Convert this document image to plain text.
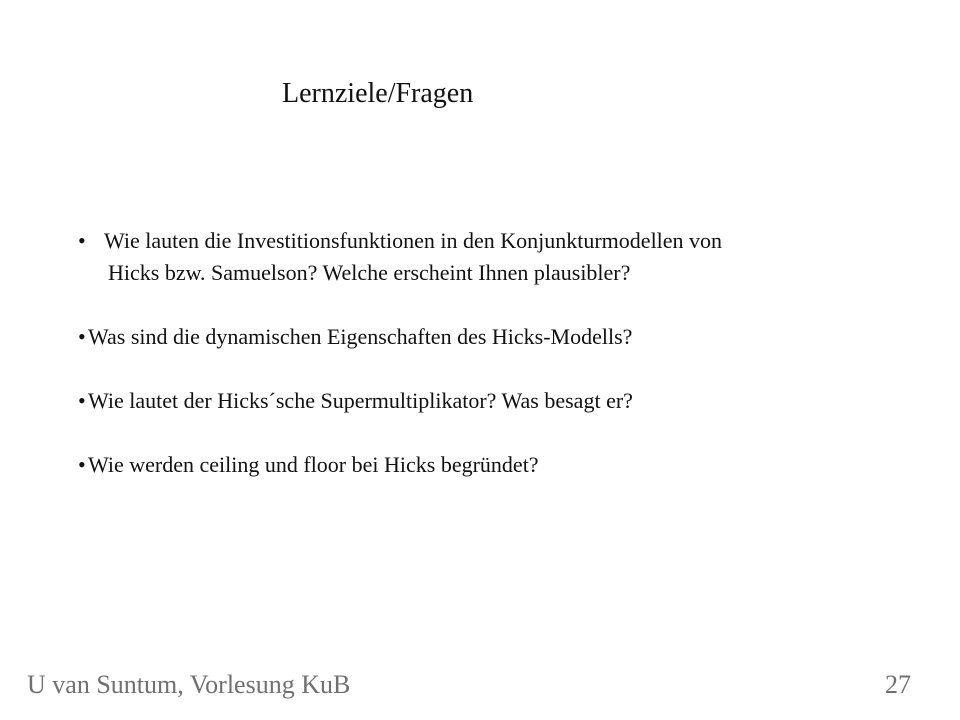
Lernziele/Fragen
• Wie lauten die Investitionsfunktionen in den Konjunkturmodellen von
Hicks bzw. Samuelson? Welche erscheint Ihnen plausibler?
• Was sind die dynamischen Eigenschaften des Hicks-Modells?
• Wie lautet der Hicks´sche Supermultiplikator? Was besagt er?
• Wie werden ceiling und floor bei Hicks begründet?
U van Suntum, Vorlesung KuB	27
